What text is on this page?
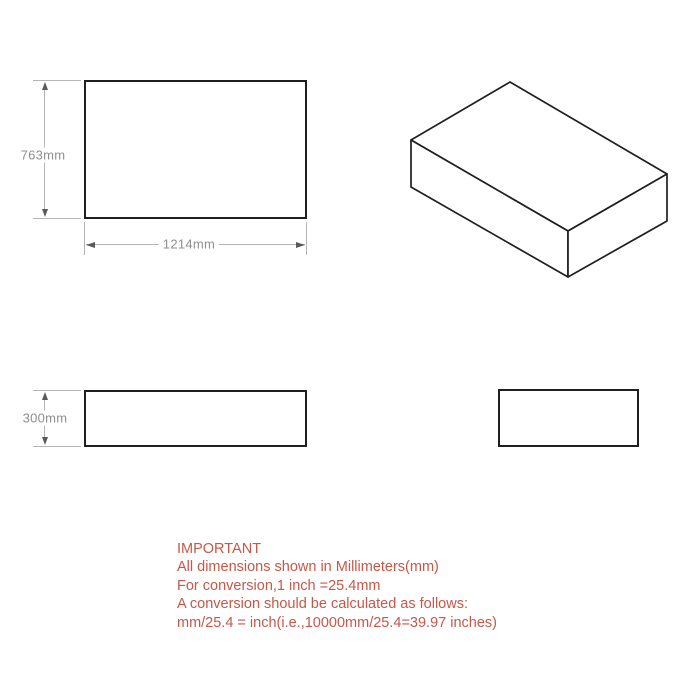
763mm
1214mm
300mm
IMPORTANT
All dimensions shown in Millimeters(mm)
For conversion,1 inch =25.4mm
A conversion should be calculated as follows:
mm/25.4 = inch(i.e.,10000mm/25.4=39.97 inches)
